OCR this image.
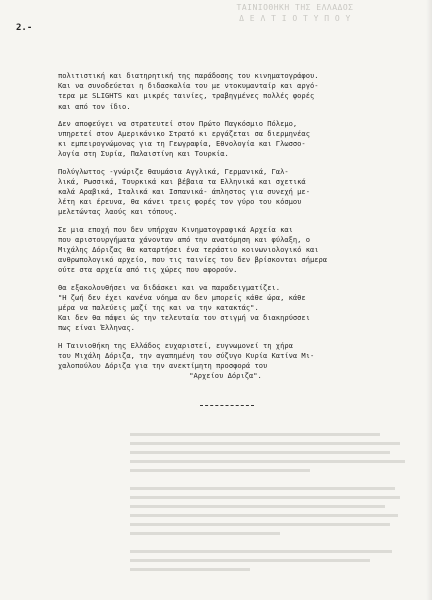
ΤΑΙΝΙΟΘΗΚΗ ΤΗΣ ΕΛΛΑΔΟΣ
Δ Ε Λ Τ Ι Ο Τ Υ Π Ο Υ
2.-

πολιτιστική και διατηρητική της παράδοσης του κινηματογράφου.
Και να συνοδεύεται η διδασκαλία του με ντοκυμανταίρ και αργό-
τερα με SLIGHTS και μικρές ταινίες, τραβηγμένες πολλές φορές
και από τον ίδιο.

Δεν αποφεύγει να στρατευτεί στον Πρώτο Παγκόσμιο Πόλεμο,
υπηρετεί στον Αμερικάνικο Στρατό κι εργάζεται σα διερμηνέας
κι εμπειρογνώμονας για τη Γεωγραφία, Εθνολογία και Γλωσσο-
λογία στη Συρία, Παλαιστίνη και Τουρκία.

Πολύγλωττος -γνώριζε θαυμάσια Αγγλικά, Γερμανικά, Γαλ-
λικά, Ρωσσικά, Τουρκικά και βέβαια τα Ελληνικά και σχετικά
καλά Αραβικά, Ιταλικά και Ισπανικά- άπληστος για συνεχή με-
λέτη και έρευνα, θα κάνει τρεις φορές τον γύρο του κόσμου
μελετώντας λαούς και τόπους.

Σε μια εποχή που δεν υπήρχαν Κινηματογραφικά Αρχεία και
που αριστουργήματα χάνονταν από την ανατόμηση και φύλαξη, ο
Μιχάλης Δόριζας θα καταρτήσει ένα τεράστιο κοινωνιολογικό και
ανθρωπολογικό αρχείο, που τις ταινίες του δεν βρίσκονται σήμερα
ούτε στα αρχεία από τις χώρες που αφορούν.

Θα εξακολουθήσει να διδάσκει και να παραδειγματίζει.
"Η ζωή δεν έχει κανένα νόημα αν δεν μπορείς κάθε ώρα, κάθε
μέρα να παλεύεις μαζί της και να την κατακτάς".
Και δεν θα πάψει ώς την τελευταία του στιγμή να διακηρύσσει
πως είναι Έλληνας.

Η Ταινιοθήκη της Ελλάδος ευχαριστεί, ευγνωμονεί τη χήρα
του Μιχάλη Δόριζα, την αγαπημένη του σύζυγο Κυρία Κατίνα Μι-
χαλοπούλου Δόριζα για την ανεκτίμητη προσφορά του
"Αρχείου Δόριζα".
